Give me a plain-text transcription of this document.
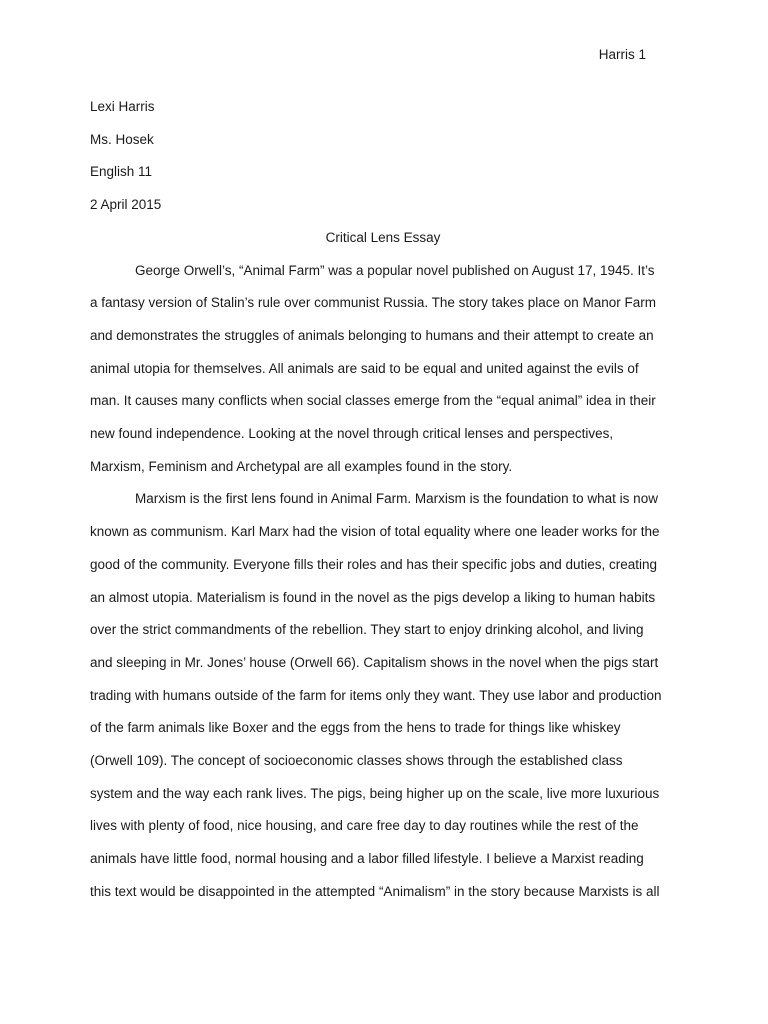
Harris 1

Lexi Harris

Ms. Hosek

English 11

2 April 2015

Critical Lens Essay

George Orwell’s, “Animal Farm” was a popular novel published on August 17, 1945. It’s
a fantasy version of Stalin’s rule over communist Russia. The story takes place on Manor Farm
and demonstrates the struggles of animals belonging to humans and their attempt to create an
animal utopia for themselves. All animals are said to be equal and united against the evils of
man. It causes many conflicts when social classes emerge from the “equal animal” idea in their
new found independence. Looking at the novel through critical lenses and perspectives,
Marxism, Feminism and Archetypal are all examples found in the story.
Marxism is the first lens found in Animal Farm. Marxism is the foundation to what is now
known as communism. Karl Marx had the vision of total equality where one leader works for the
good of the community. Everyone fills their roles and has their specific jobs and duties, creating
an almost utopia. Materialism is found in the novel as the pigs develop a liking to human habits
over the strict commandments of the rebellion. They start to enjoy drinking alcohol, and living
and sleeping in Mr. Jones’ house (Orwell 66). Capitalism shows in the novel when the pigs start
trading with humans outside of the farm for items only they want. They use labor and production
of the farm animals like Boxer and the eggs from the hens to trade for things like whiskey
(Orwell 109). The concept of socioeconomic classes shows through the established class
system and the way each rank lives. The pigs, being higher up on the scale, live more luxurious
lives with plenty of food, nice housing, and care free day to day routines while the rest of the
animals have little food, normal housing and a labor filled lifestyle. I believe a Marxist reading
this text would be disappointed in the attempted “Animalism” in the story because Marxists is all
